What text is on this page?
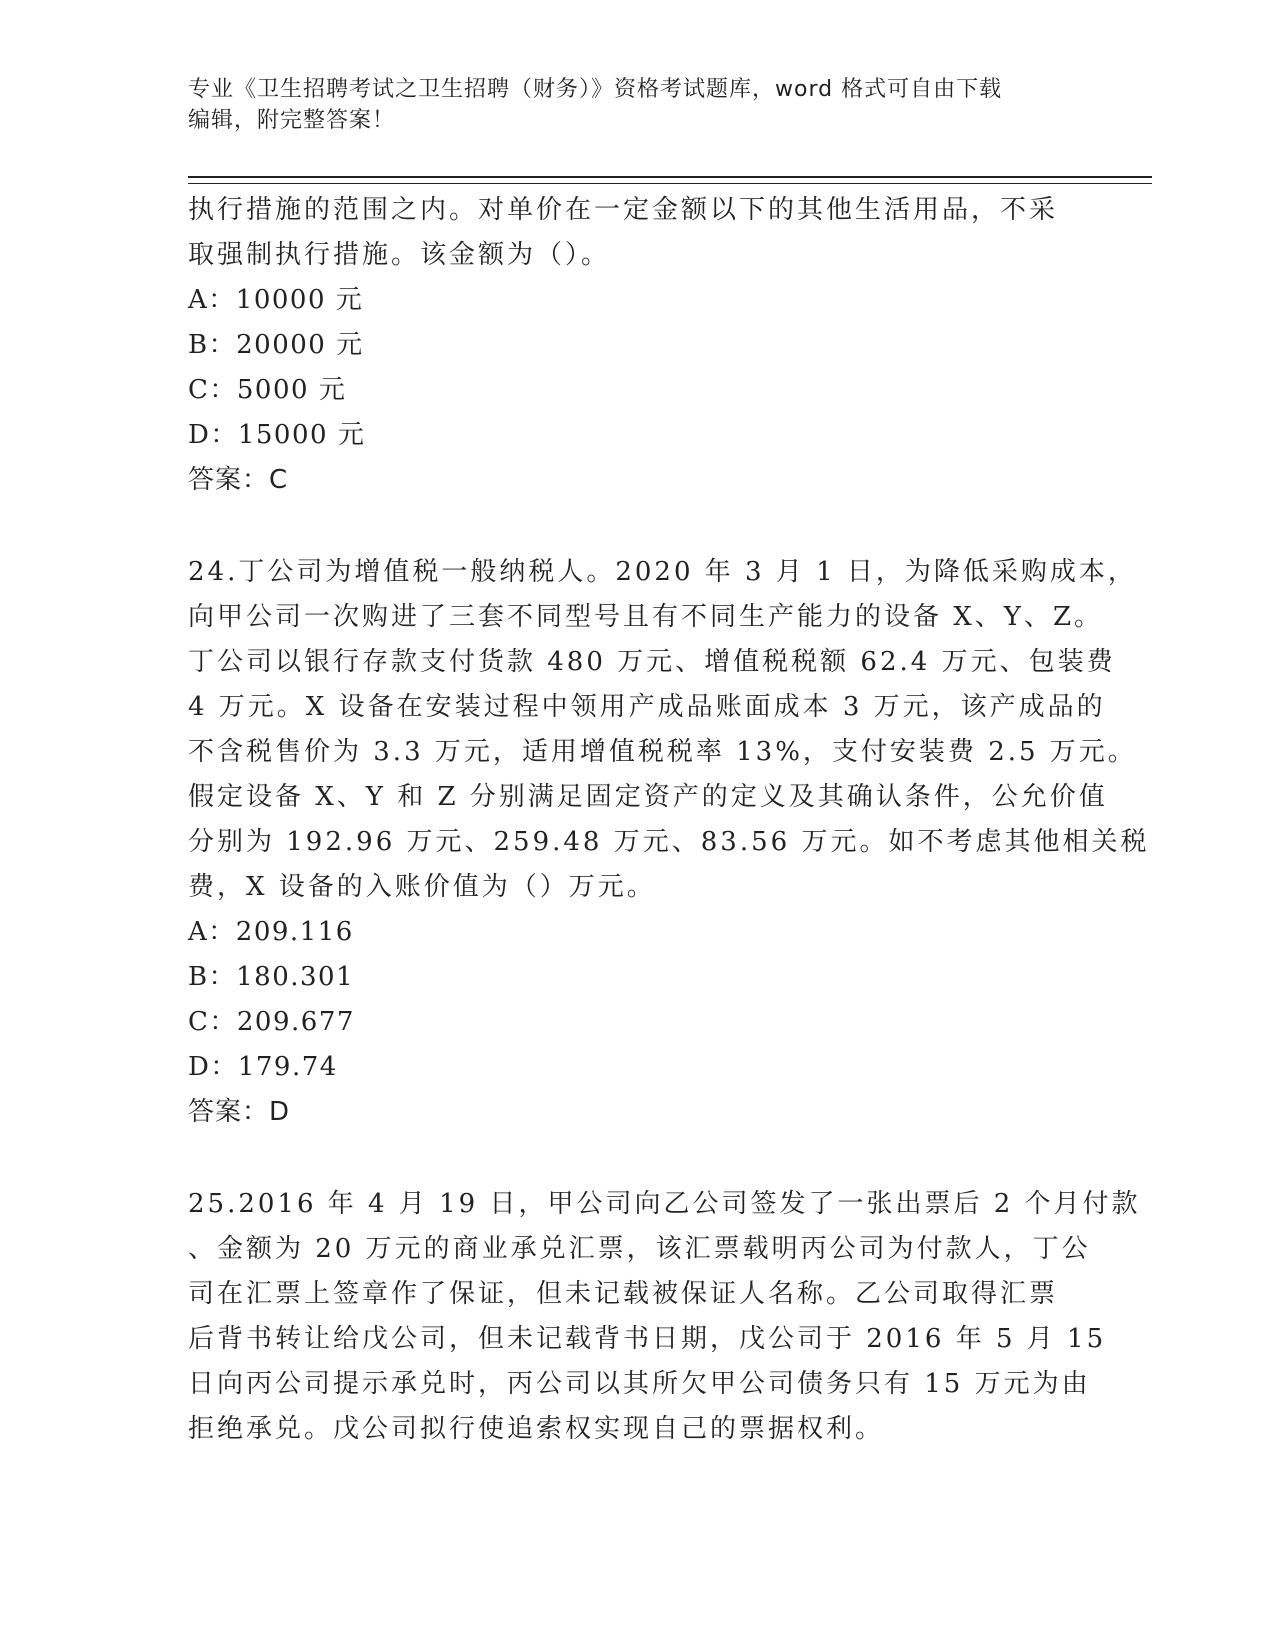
专业《卫生招聘考试之卫生招聘（财务）》资格考试题库，word 格式可自由下载
编辑，附完整答案！
执行措施的范围之内。对单价在一定金额以下的其他生活用品，不采
取强制执行措施。该金额为（）。
A：10000 元
B：20000 元
C：5000 元
D：15000 元
答案：C
24.丁公司为增值税一般纳税人。2020 年 3 月 1 日，为降低采购成本，
向甲公司一次购进了三套不同型号且有不同生产能力的设备 X、Y、Z。
丁公司以银行存款支付货款 480 万元、增值税税额 62.4 万元、包装费
4 万元。X 设备在安装过程中领用产成品账面成本 3 万元，该产成品的
不含税售价为 3.3 万元，适用增值税税率 13%，支付安装费 2.5 万元。
假定设备 X、Y 和 Z 分别满足固定资产的定义及其确认条件，公允价值
分别为 192.96 万元、259.48 万元、83.56 万元。如不考虑其他相关税
费，X 设备的入账价值为（）万元。
A：209.116
B：180.301
C：209.677
D：179.74
答案：D
25.2016 年 4 月 19 日，甲公司向乙公司签发了一张出票后 2 个月付款
、金额为 20 万元的商业承兑汇票，该汇票载明丙公司为付款人，丁公
司在汇票上签章作了保证，但未记载被保证人名称。乙公司取得汇票
后背书转让给戊公司，但未记载背书日期，戊公司于 2016 年 5 月 15
日向丙公司提示承兑时，丙公司以其所欠甲公司债务只有 15 万元为由
拒绝承兑。戊公司拟行使追索权实现自己的票据权利。
